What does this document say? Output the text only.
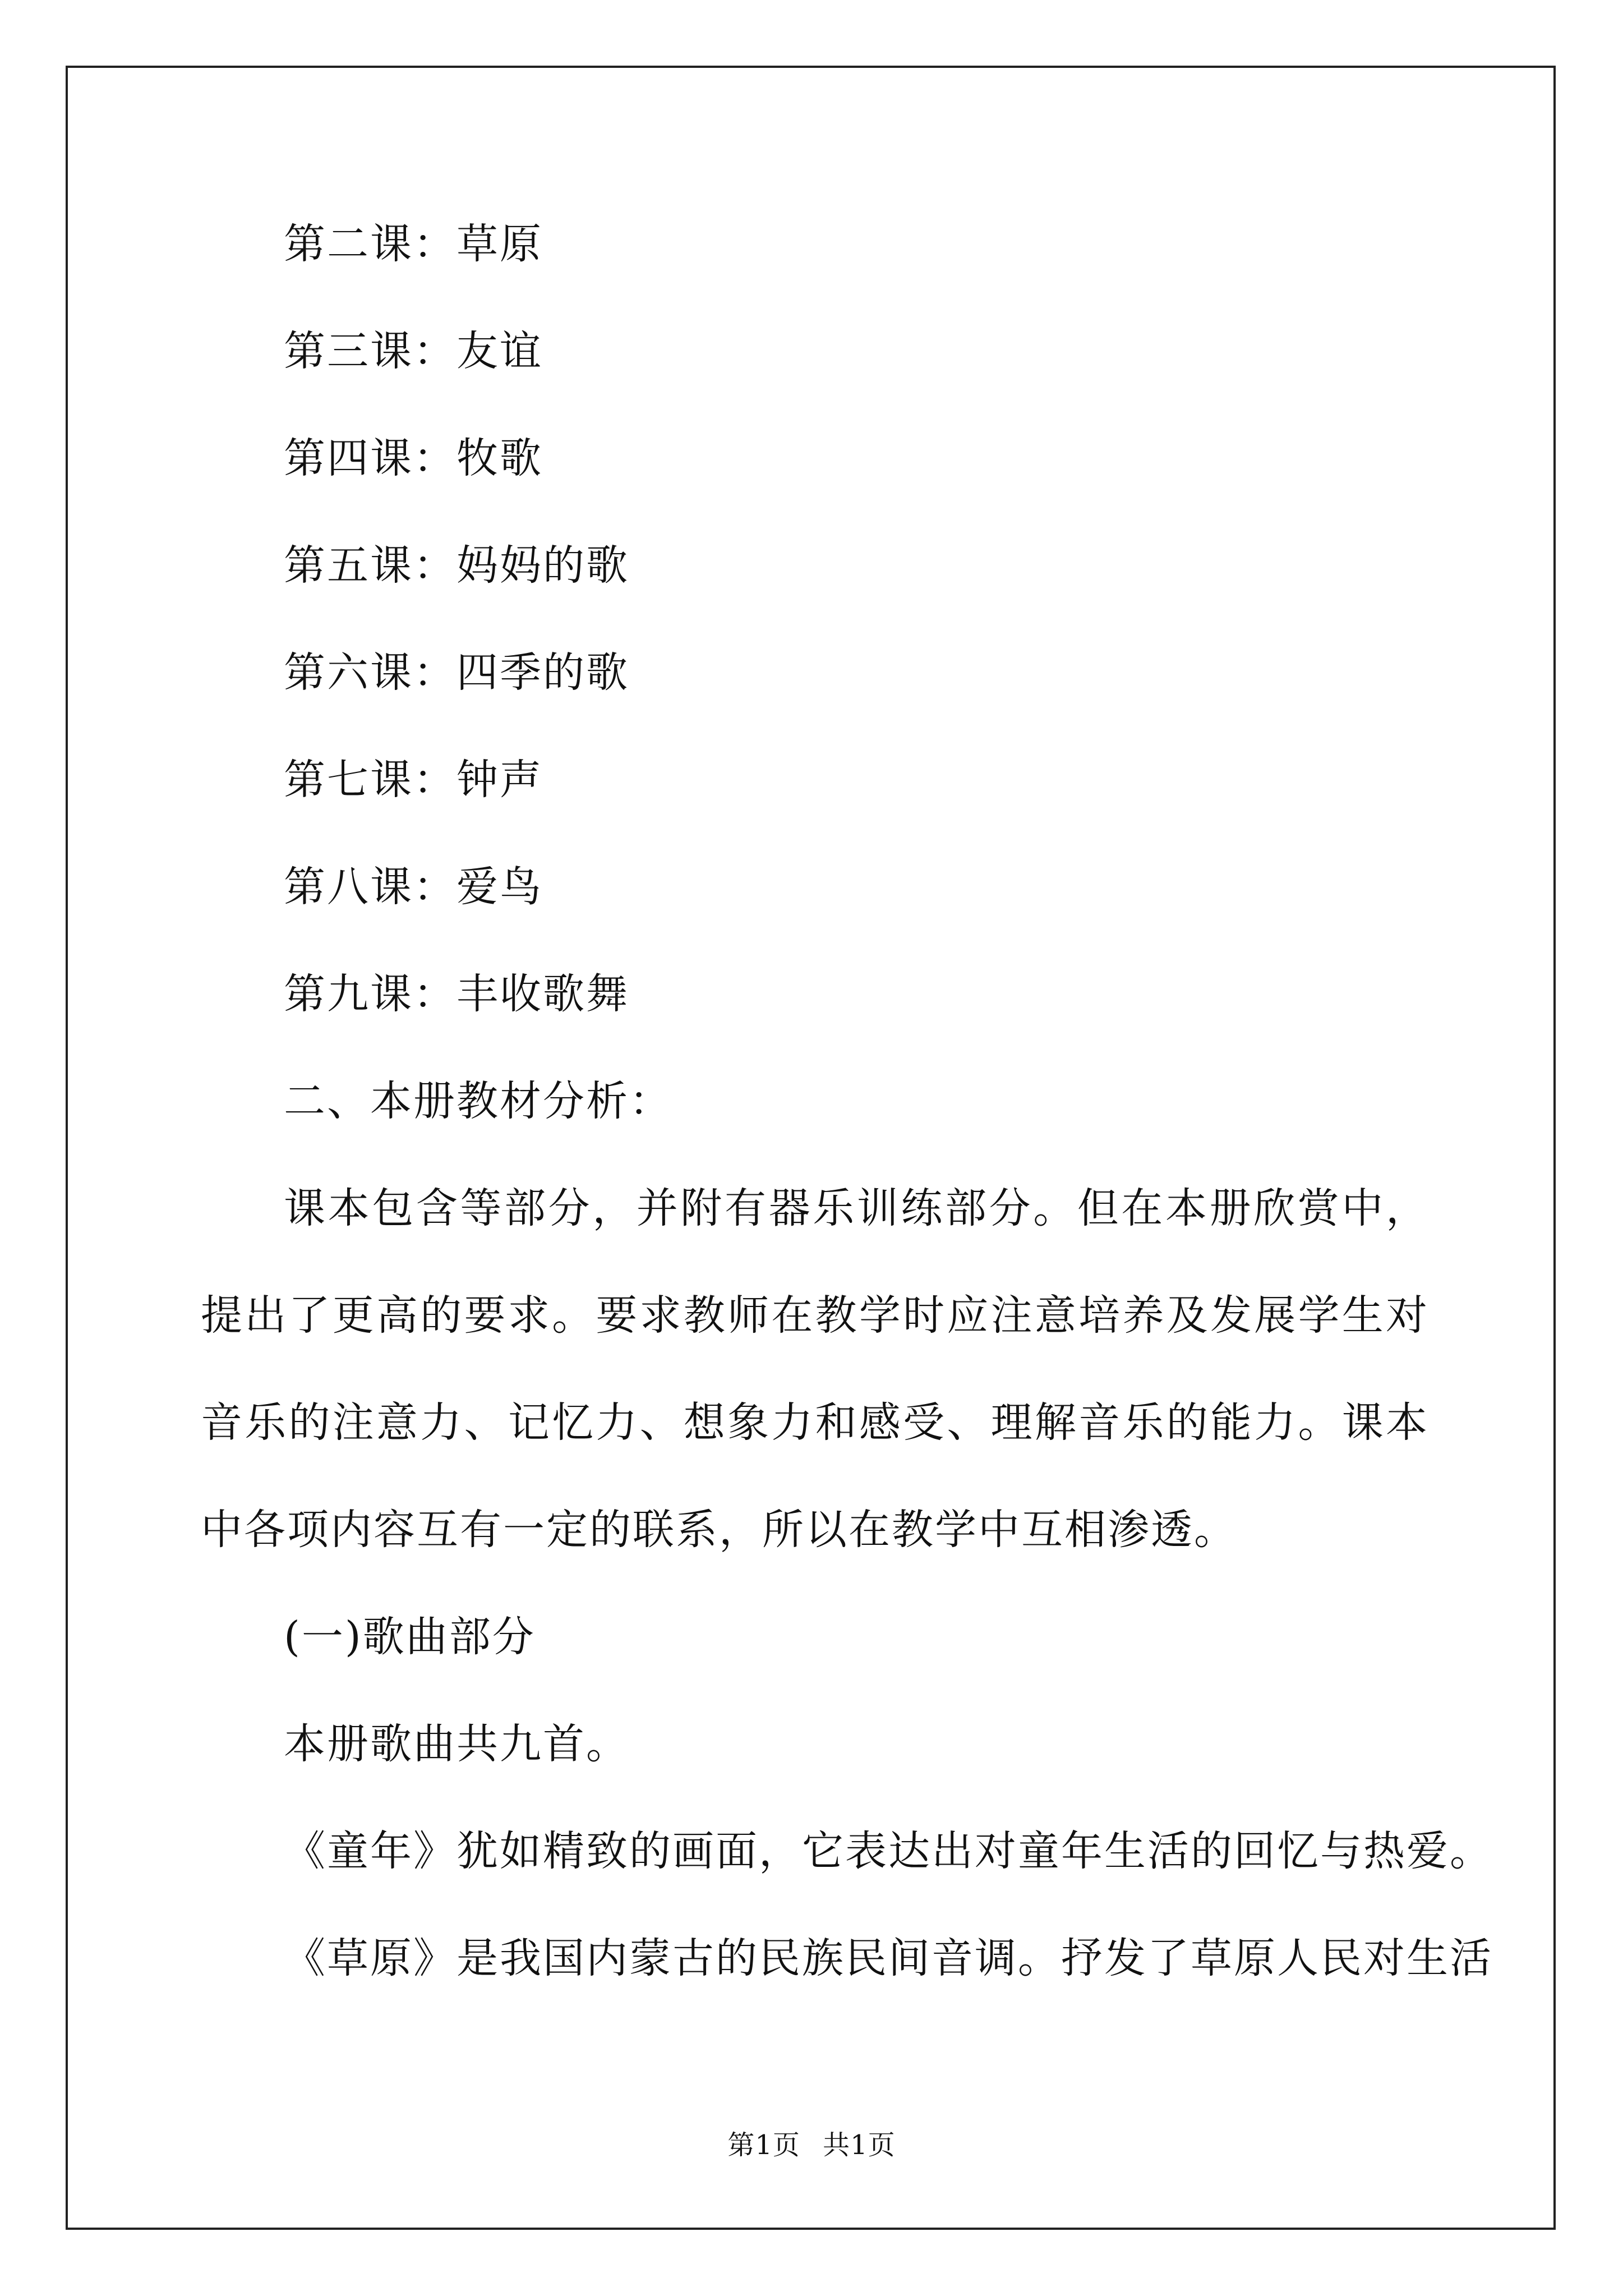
第二课：草原
第三课：友谊
第四课：牧歌
第五课：妈妈的歌
第六课：四季的歌
第七课：钟声
第八课：爱鸟
第九课：丰收歌舞
二、本册教材分析：

课本包含等部分，并附有器乐训练部分。但在本册欣赏中，提出了更高的要求。要求教师在教学时应注意培养及发展学生对音乐的注意力、记忆力、想象力和感受、理解音乐的能力。课本中各项内容互有一定的联系，所以在教学中互相渗透。

(一)歌曲部分
本册歌曲共九首。
《童年》犹如精致的画面，它表达出对童年生活的回忆与热爱。
《草原》是我国内蒙古的民族民间音调。抒发了草原人民对生活
第1页 共1页
